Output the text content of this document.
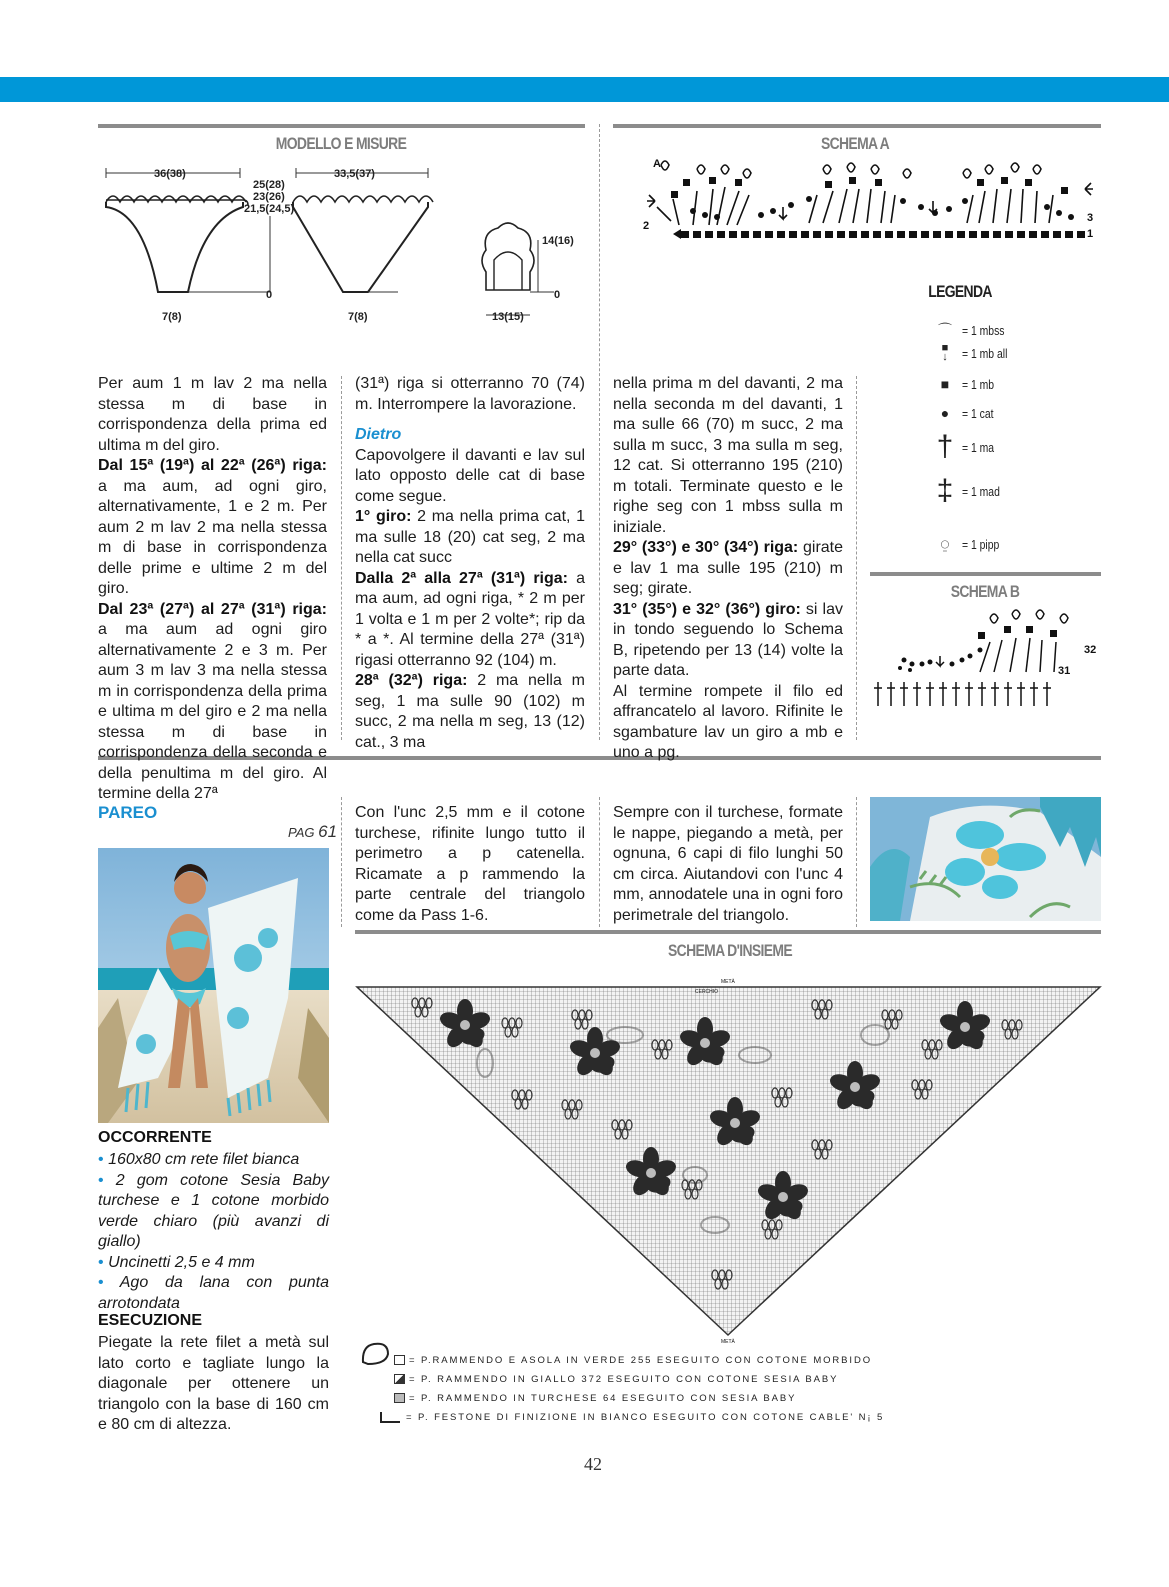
MODELLO E MISURE	SCHEMA A
LEGENDA
SCHEMA B
SCHEMA D'INSIEME
36(38)	33,5(37)
25(28)
23(26)
21,5(24,5)
0	0
14(16)
7(8)	7(8)	13(15)
A
2
3
1
⌒ = 1 mbss
■
↓	= 1 mb all
■ = 1 mb
● = 1 cat
† = 1 ma
‡ = 1 mad
⍜ = 1 pipp
32
31

Per aum 1 m lav 2 ma nella stessa m di base in corrispondenza della prima ed ultima m del giro.

Dal 15ª (19ª) al 22ª (26ª) riga: a ma aum, ad ogni giro, alternativamente, 1 e 2 m. Per aum 2 m lav 2 ma nella stessa m di base in corrispondenza delle prime e ultime 2 m del giro.

Dal 23ª (27ª) al 27ª (31ª) riga: a ma aum ad ogni giro alternativamente 2 e 3 m. Per aum 3 m lav 3 ma nella stessa m in corrispondenza della prima e ultima m del giro e 2 ma nella stessa m di base in corrispondenza della seconda e della penultima m del giro. Al termine della 27ª

(31ª) riga si otterranno 70 (74) m. Interrompere la lavorazione.

Dietro

Capovolgere il davanti e lav sul lato opposto delle cat di base come segue.

1° giro: 2 ma nella prima cat, 1 ma sulle 18 (20) cat seg, 2 ma nella cat succ

Dalla 2ª alla 27ª (31ª) riga: a ma aum, ad ogni riga, * 2 m per 1 volta e 1 m per 2 volte*; rip da * a *. Al termine della 27ª (31ª) rigasi otterranno 92 (104) m.

28ª (32ª) riga: 2 ma nella m seg, 1 ma sulle 90 (102) m succ, 2 ma nella m seg, 13 (12) cat., 3 ma

nella prima m del davanti, 2 ma nella seconda m del davanti, 1 ma sulle 66 (70) m succ, 2 ma sulla m succ, 3 ma sulla m seg, 12 cat. Si otterranno 195 (210) m totali. Terminate questo e le righe seg con 1 mbss sulla m iniziale.

29° (33°) e 30° (34°) riga: girate e lav 1 ma sulle 195 (210) m seg; girate.

31° (35°) e 32° (36°) giro: si lav in tondo seguendo lo Schema B, ripetendo per 13 (14) volte la parte data.

Al termine rompete il filo ed affrancatelo al lavoro. Rifinite le sgambature lav un giro a mb e uno a pg.

PAREO
PAG 61
OCCORRENTE
• 160x80 cm rete filet bianca
• 2 gom cotone Sesia Baby turchese e 1 cotone morbido verde chiaro (più avanzi di giallo)
• Uncinetti 2,5 e 4 mm
• Ago da lana con punta arrotondata
ESECUZIONE
Piegate la rete filet a metà sul lato corto e tagliate lungo la diagonale per ottenere un triangolo con la base di 160 cm e 80 cm di altezza.
Con l'unc 2,5 mm e il cotone turchese, rifinite lungo tutto il perimetro a p catenella. Ricamate a p rammendo la parte centrale del triangolo come da Pass 1-6.
Sempre con il turchese, formate le nappe, piegando a metà, per ognuna, 6 capi di filo lunghi 50 cm circa. Aiutandovi con l'unc 4 mm, annodatele una in ogni foro perimetrale del triangolo.
METÀ
CERCHIO
METÀ
= P.RAMMENDO E ASOLA IN VERDE 255 ESEGUITO CON COTONE MORBIDO
= P. RAMMENDO IN GIALLO 372 ESEGUITO CON COTONE SESIA BABY
= P. RAMMENDO IN TURCHESE 64 ESEGUITO CON SESIA BABY
= P. FESTONE DI FINIZIONE IN BIANCO ESEGUITO CON COTONE CABLE' N¡ 5
42
